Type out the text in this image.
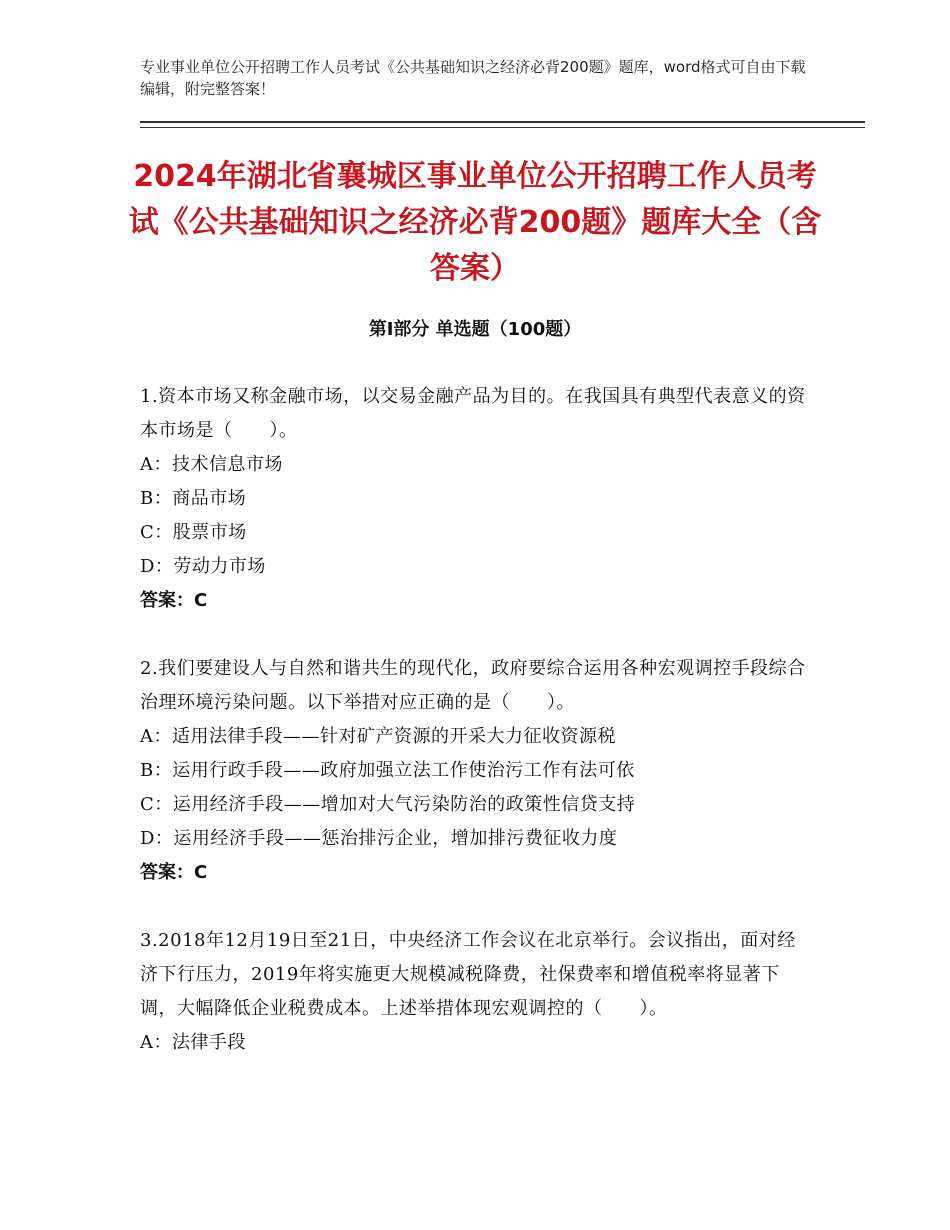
专业事业单位公开招聘工作人员考试《公共基础知识之经济必背200题》题库，word格式可自由下载编辑，附完整答案！
2024年湖北省襄城区事业单位公开招聘工作人员考试《公共基础知识之经济必背200题》题库大全（含答案）
第Ⅰ部分 单选题（100题）

1.资本市场又称金融市场，以交易金融产品为目的。在我国具有典型代表意义的资本市场是（　　）。

A：技术信息市场

B：商品市场

C：股票市场

D：劳动力市场

答案：C

2.我们要建设人与自然和谐共生的现代化，政府要综合运用各种宏观调控手段综合治理环境污染问题。以下举措对应正确的是（　　）。

A：适用法律手段——针对矿产资源的开采大力征收资源税

B：运用行政手段——政府加强立法工作使治污工作有法可依

C：运用经济手段——增加对大气污染防治的政策性信贷支持

D：运用经济手段——惩治排污企业，增加排污费征收力度

答案：C

3.2018年12月19日至21日，中央经济工作会议在北京举行。会议指出，面对经济下行压力，2019年将实施更大规模减税降费，社保费率和增值税率将显著下调，大幅降低企业税费成本。上述举措体现宏观调控的（　　）。

A：法律手段
